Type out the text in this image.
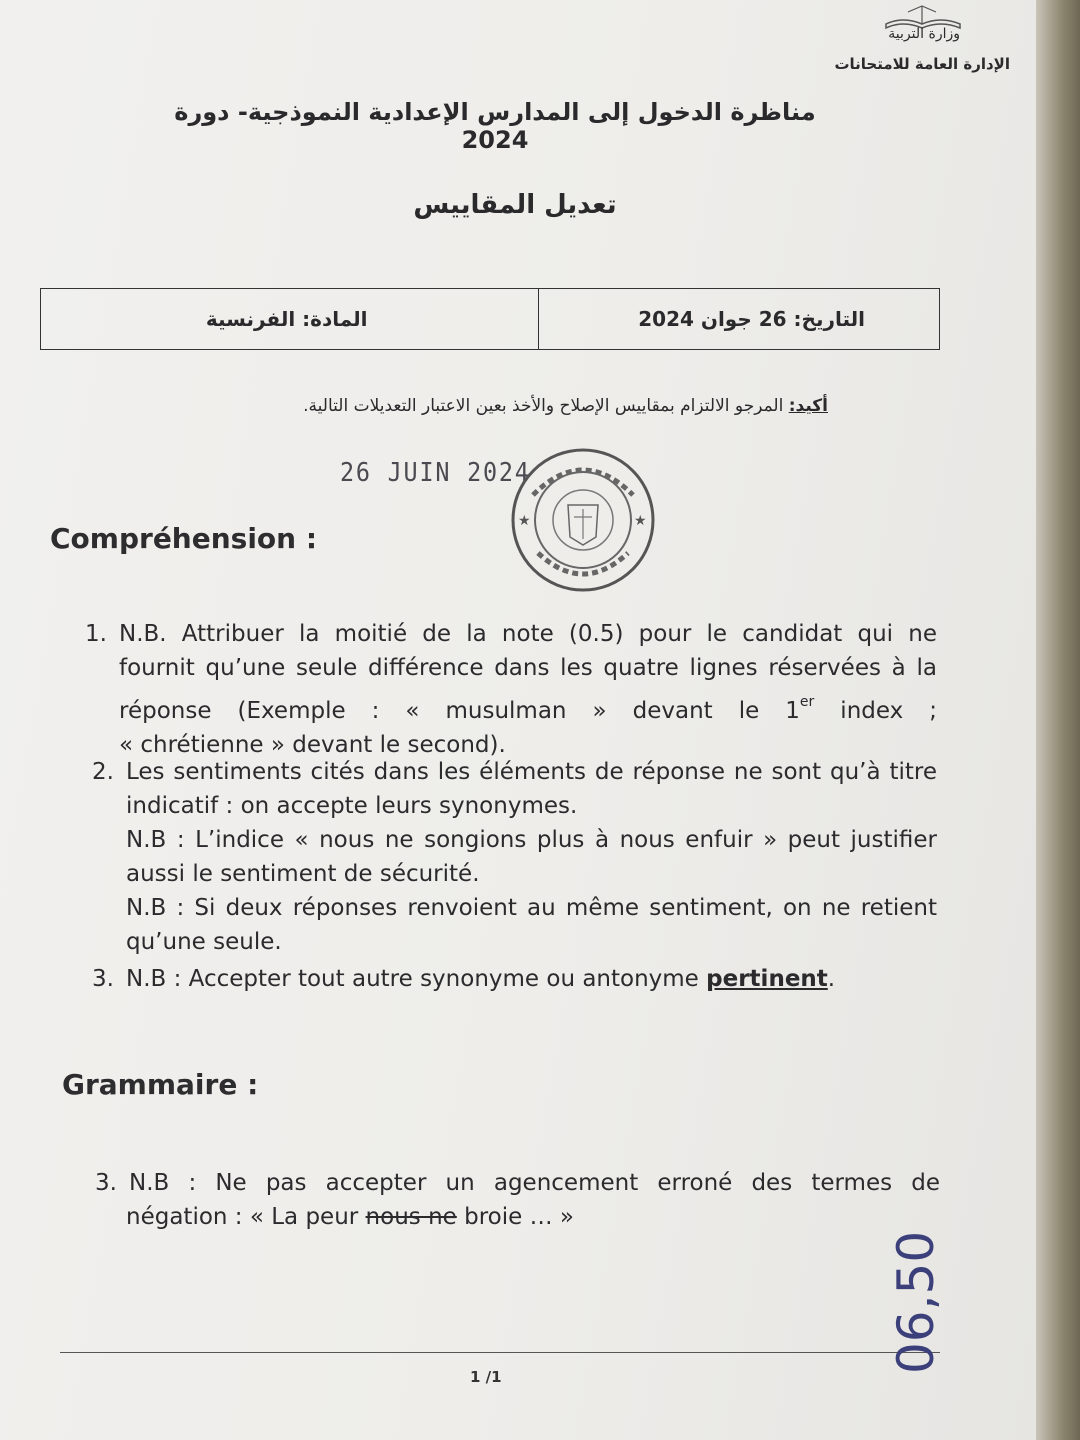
وزارة التربية
الإدارة العامة للامتحانات
مناظرة الدخول إلى المدارس الإعدادية النموذجية- دورة 2024
تعديل المقاييس
التاريخ: 26 جوان 2024
المادة: الفرنسية
أكيد: المرجو الالتزام بمقاييس الإصلاح والأخذ بعين الاعتبار التعديلات التالية.
26 JUIN 2024
★	★
Compréhension :
1. N.B. Attribuer la moitié de la note (0.5) pour le candidat qui ne
fournit qu’une seule différence dans les quatre lignes réservées à la
réponse (Exemple : « musulman » devant le 1er index ;
« chrétienne » devant le second).
2. Les sentiments cités dans les éléments de réponse ne sont qu’à titre
indicatif : on accepte leurs synonymes.
N.B : L’indice « nous ne songions plus à nous enfuir » peut justifier
aussi le sentiment de sécurité.
N.B : Si deux réponses renvoient au même sentiment, on ne retient
qu’une seule.
3. N.B : Accepter tout autre synonyme ou antonyme pertinent.
Grammaire :
3. N.B : Ne pas accepter un agencement erroné des termes de
négation : « La peur nous ne broie … »
1 /1
06,50
